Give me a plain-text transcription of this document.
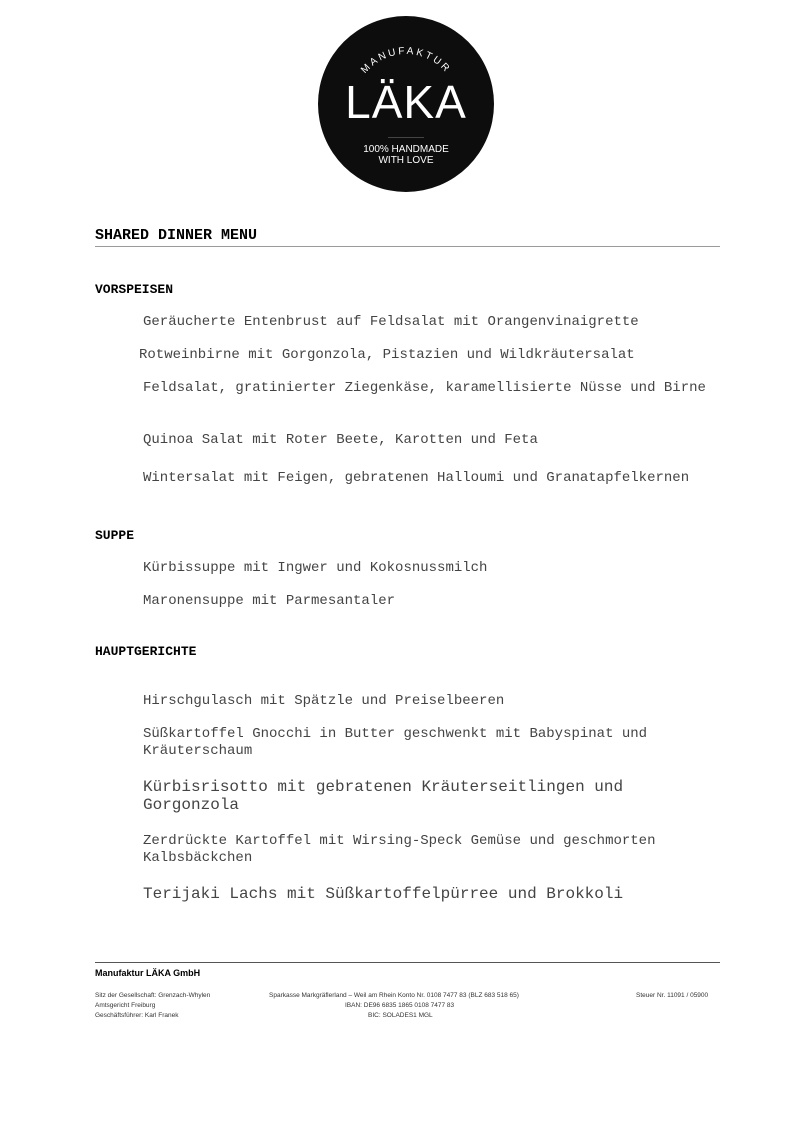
MANUFAKTUR
LÄKA
100% HANDMADE
WITH LOVE
SHARED DINNER MENU
VORSPEISEN
Geräucherte Entenbrust auf Feldsalat mit Orangenvinaigrette
Rotweinbirne mit Gorgonzola, Pistazien und Wildkräutersalat
Feldsalat, gratinierter Ziegenkäse, karamellisierte Nüsse und Birne
Quinoa Salat mit Roter Beete, Karotten und Feta
Wintersalat mit Feigen, gebratenen Halloumi und Granatapfelkernen
SUPPE
Kürbissuppe mit Ingwer und Kokosnussmilch
Maronensuppe mit Parmesantaler
HAUPTGERICHTE
Hirschgulasch mit Spätzle und Preiselbeeren
Süßkartoffel Gnocchi in Butter geschwenkt mit Babyspinat und Kräuterschaum
Kürbisrisotto mit gebratenen Kräuterseitlingen und Gorgonzola
Zerdrückte Kartoffel mit Wirsing-Speck Gemüse und geschmorten Kalbsbäckchen
Terijaki Lachs mit Süßkartoffelpürree und Brokkoli
Manufaktur LÄKA GmbH
Sitz der Gesellschaft: Grenzach-Whylen
Amtsgericht Freiburg
Geschäftsführer: Karl Franek
Sparkasse Markgräflerland – Weil am Rhein Konto Nr. 0108 7477 83 (BLZ 683 518 65)
IBAN: DE96 6835 1865 0108 7477 83
BIC: SOLADES1 MGL
Steuer Nr. 11091 / 05900
